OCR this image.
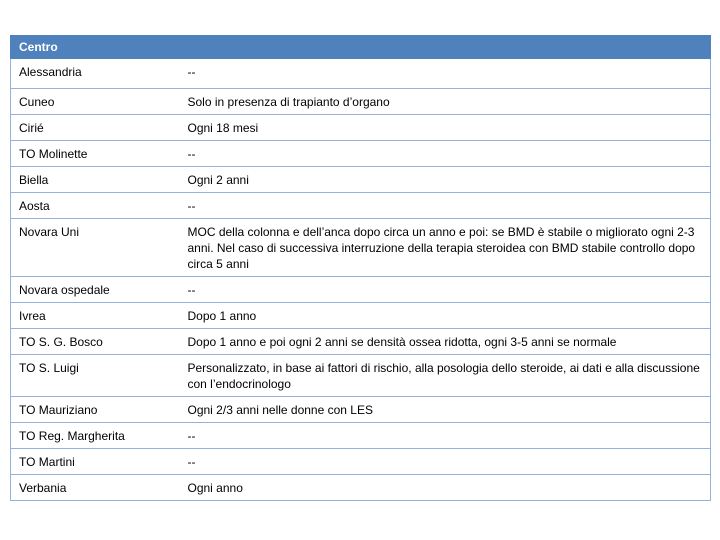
Centro	
Alessandria	--
Cuneo	Solo in presenza di trapianto d’organo
Cirié	Ogni 18 mesi
TO Molinette	--
Biella	Ogni 2 anni
Aosta	--
Novara Uni	MOC della colonna e dell’anca dopo circa un anno e poi: se BMD è stabile o migliorato ogni 2-3 anni. Nel caso di successiva interruzione della terapia steroidea con BMD stabile controllo dopo circa 5 anni
Novara ospedale	--
Ivrea	Dopo 1 anno
TO S. G. Bosco	Dopo 1 anno e poi ogni 2 anni se densità ossea ridotta, ogni 3-5 anni se normale
TO S. Luigi	Personalizzato, in base ai fattori di rischio, alla posologia dello steroide, ai dati e alla discussione con l’endocrinologo
TO Mauriziano	Ogni 2/3 anni nelle donne con LES
TO Reg. Margherita	--
TO Martini	--
Verbania	Ogni anno
